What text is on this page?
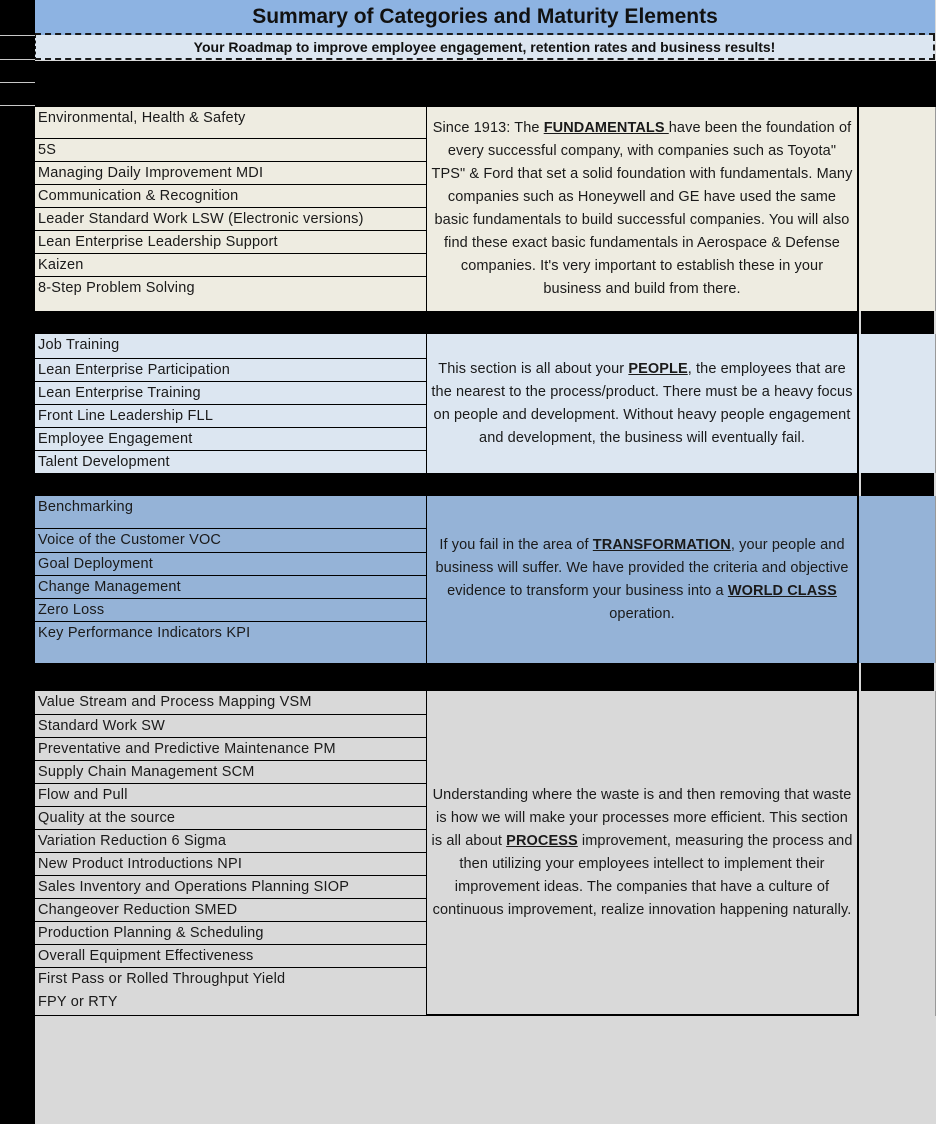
Summary of Categories and Maturity Elements
Your Roadmap to improve employee engagement, retention rates and business results!
Environmental, Health & Safety
5S
Managing Daily Improvement MDI
Communication & Recognition
Leader Standard Work LSW (Electronic versions)
Lean Enterprise Leadership Support
Kaizen
8-Step Problem Solving
Since 1913: The FUNDAMENTALS have been the foundation of every successful company, with companies such as Toyota" TPS" & Ford that set a solid foundation with fundamentals. Many companies such as Honeywell and GE have used the same basic fundamentals to build successful companies. You will also find these exact basic fundamentals in Aerospace & Defense companies. It's very important to establish these in your business and build from there.
Job Training
Lean Enterprise Participation
Lean Enterprise Training
Front Line Leadership FLL
Employee Engagement
Talent Development
This section is all about your PEOPLE, the employees that are the nearest to the process/product. There must be a heavy focus on people and development. Without heavy people engagement and development, the business will eventually fail.
Benchmarking
Voice of the Customer VOC
Goal Deployment
Change Management
Zero Loss
Key Performance Indicators KPI
If you fail in the area of TRANSFORMATION, your people and business will suffer. We have provided the criteria and objective evidence to transform your business into a WORLD CLASS operation.
Value Stream and Process Mapping VSM
Standard Work SW
Preventative and Predictive Maintenance PM
Supply Chain Management SCM
Flow and Pull
Quality at the source
Variation Reduction 6 Sigma
New Product Introductions NPI
Sales Inventory and Operations Planning SIOP
Changeover Reduction SMED
Production Planning & Scheduling
Overall Equipment Effectiveness
First Pass or Rolled Throughput Yield
FPY or RTY
Understanding where the waste is and then removing that waste is how we will make your processes more efficient. This section is all about PROCESS improvement, measuring the process and then utilizing your employees intellect to implement their improvement ideas. The companies that have a culture of continuous improvement, realize innovation happening naturally.
